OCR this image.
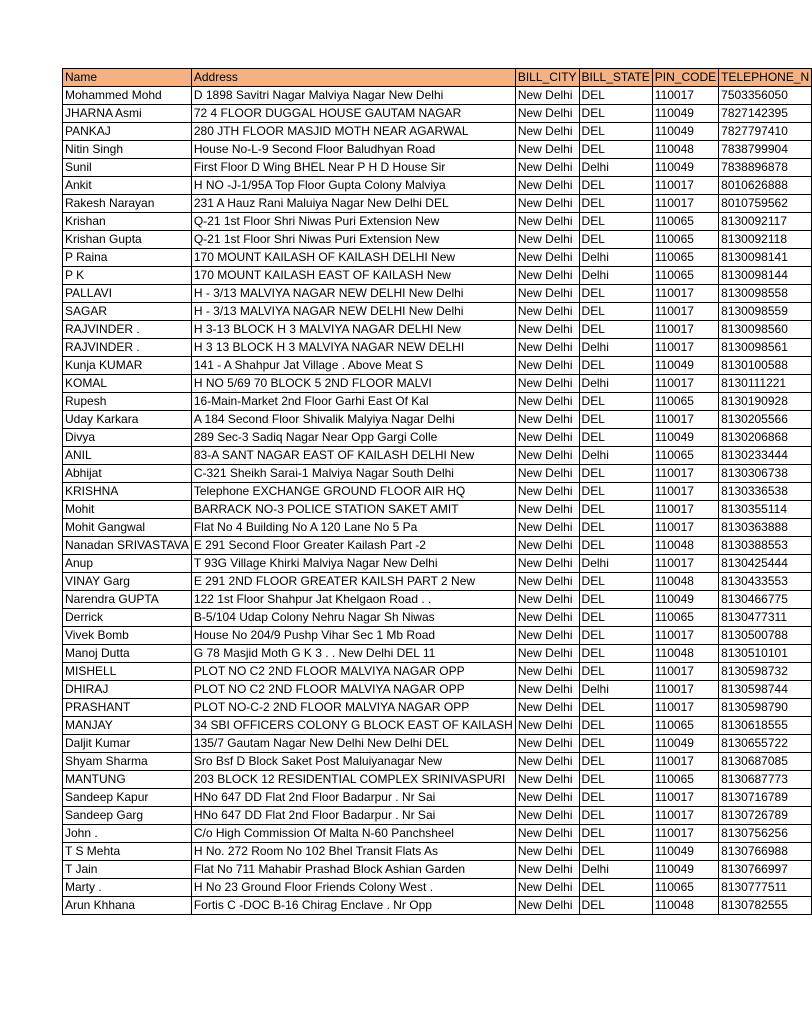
Name	Address	BILL_CITY	BILL_STATE	PIN_CODE	TELEPHONE_N
Mohammed Mohd	D 1898 Savitri Nagar Malviya Nagar New Delhi	New Delhi	DEL	110017	7503356050
JHARNA Asmi	72 4 FLOOR DUGGAL HOUSE GAUTAM NAGAR	New Delhi	DEL	110049	7827142395
PANKAJ	280 JTH FLOOR MASJID MOTH NEAR AGARWAL	New Delhi	DEL	110049	7827797410
Nitin Singh	House No-L-9 Second Floor Baludhyan Road	New Delhi	DEL	110048	7838799904
Sunil	First Floor D Wing BHEL Near P H D House Sir	New Delhi	Delhi	110049	7838896878
Ankit	H NO -J-1/95A Top Floor Gupta Colony Malviya	New Delhi	DEL	110017	8010626888
Rakesh Narayan	231 A Hauz Rani Maluiya Nagar New Delhi DEL	New Delhi	DEL	110017	8010759562
Krishan	Q-21 1st Floor Shri Niwas Puri Extension New	New Delhi	DEL	110065	8130092117
Krishan Gupta	Q-21 1st Floor Shri Niwas Puri Extension New	New Delhi	DEL	110065	8130092118
P Raina	170 MOUNT KAILASH OF KAILASH DELHI New	New Delhi	Delhi	110065	8130098141
P K	170 MOUNT KAILASH EAST OF KAILASH New	New Delhi	Delhi	110065	8130098144
PALLAVI	H - 3/13 MALVIYA NAGAR NEW DELHI New Delhi	New Delhi	DEL	110017	8130098558
SAGAR	H - 3/13 MALVIYA NAGAR NEW DELHI New Delhi	New Delhi	DEL	110017	8130098559
RAJVINDER .	H 3-13 BLOCK H 3 MALVIYA NAGAR DELHI New	New Delhi	DEL	110017	8130098560
RAJVINDER .	H 3 13 BLOCK H 3 MALVIYA NAGAR NEW DELHI	New Delhi	Delhi	110017	8130098561
Kunja KUMAR	141 - A Shahpur Jat Village . Above Meat S	New Delhi	DEL	110049	8130100588
KOMAL	H NO 5/69 70 BLOCK 5 2ND FLOOR MALVI	New Delhi	Delhi	110017	8130111221
Rupesh	16-Main-Market 2nd Floor Garhi East Of Kal	New Delhi	DEL	110065	8130190928
Uday Karkara	A 184 Second Floor Shivalik Malyiya Nagar Delhi	New Delhi	DEL	110017	8130205566
Divya	289 Sec-3 Sadiq Nagar Near Opp Gargi Colle	New Delhi	DEL	110049	8130206868
ANIL	83-A SANT NAGAR EAST OF KAILASH DELHI New	New Delhi	Delhi	110065	8130233444
Abhijat	C-321 Sheikh Sarai-1 Malviya Nagar South Delhi	New Delhi	DEL	110017	8130306738
KRISHNA	Telephone EXCHANGE GROUND FLOOR AIR HQ	New Delhi	DEL	110017	8130336538
Mohit	BARRACK NO-3 POLICE STATION SAKET AMIT	New Delhi	DEL	110017	8130355114
Mohit Gangwal	Flat No 4 Building No A 120 Lane No 5 Pa	New Delhi	DEL	110017	8130363888
Nanadan SRIVASTAVA	E 291 Second Floor Greater Kailash Part -2	New Delhi	DEL	110048	8130388553
Anup	T 93G Village Khirki Malviya Nagar New Delhi	New Delhi	Delhi	110017	8130425444
VINAY Garg	E 291 2ND FLOOR GREATER KAILSH PART 2 New	New Delhi	DEL	110048	8130433553
Narendra GUPTA	122 1st Floor Shahpur Jat Khelgaon Road . .	New Delhi	DEL	110049	8130466775
Derrick	B-5/104 Udap Colony Nehru Nagar Sh Niwas	New Delhi	DEL	110065	8130477311
Vivek Bomb	House No 204/9 Pushp Vihar Sec 1 Mb Road	New Delhi	DEL	110017	8130500788
Manoj Dutta	G 78 Masjid Moth G K 3 . . New Delhi DEL 11	New Delhi	DEL	110048	8130510101
MISHELL	PLOT NO C2 2ND FLOOR MALVIYA NAGAR OPP	New Delhi	DEL	110017	8130598732
DHIRAJ	PLOT NO C2 2ND FLOOR MALVIYA NAGAR OPP	New Delhi	Delhi	110017	8130598744
PRASHANT	PLOT NO-C-2 2ND FLOOR MALVIYA NAGAR OPP	New Delhi	DEL	110017	8130598790
MANJAY	34 SBI OFFICERS COLONY G BLOCK EAST OF KAILASH	New Delhi	DEL	110065	8130618555
Daljit Kumar	135/7 Gautam Nagar New Delhi New Delhi DEL	New Delhi	DEL	110049	8130655722
Shyam Sharma	Sro Bsf D Block Saket Post Maluiyanagar New	New Delhi	DEL	110017	8130687085
MANTUNG	203 BLOCK 12 RESIDENTIAL COMPLEX SRINIVASPURI	New Delhi	DEL	110065	8130687773
Sandeep Kapur	HNo 647 DD Flat 2nd Floor Badarpur . Nr Sai	New Delhi	DEL	110017	8130716789
Sandeep Garg	HNo 647 DD Flat 2nd Floor Badarpur . Nr Sai	New Delhi	DEL	110017	8130726789
John .	C/o High Commission Of Malta N-60 Panchsheel	New Delhi	DEL	110017	8130756256
T S Mehta	H No. 272 Room No 102 Bhel Transit Flats As	New Delhi	DEL	110049	8130766988
T Jain	Flat No 711 Mahabir Prashad Block Ashian Garden	New Delhi	Delhi	110049	8130766997
Marty .	H No 23 Ground Floor Friends Colony West .	New Delhi	DEL	110065	8130777511
Arun Khhana	Fortis C -DOC B-16 Chirag Enclave . Nr Opp	New Delhi	DEL	110048	8130782555
